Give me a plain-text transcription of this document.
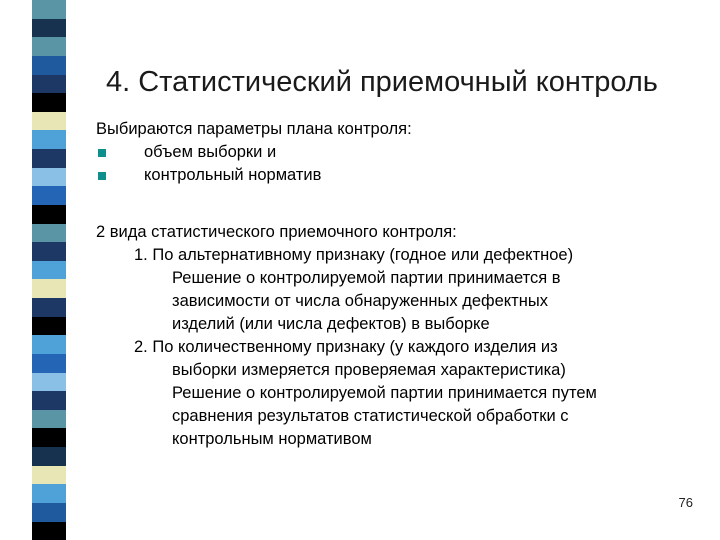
4. Статистический приемочный контроль
Выбираются параметры плана контроля:
объем выборки и
контрольный норматив
2 вида статистического приемочного контроля:
1. По альтернативному признаку (годное или дефектное)
Решение о контролируемой партии принимается в
зависимости от числа обнаруженных дефектных
изделий (или числа дефектов) в выборке
2. По количественному признаку (у каждого изделия из
выборки измеряется проверяемая характеристика)
Решение о контролируемой партии принимается путем
сравнения результатов статистической обработки с
контрольным нормативом
76
